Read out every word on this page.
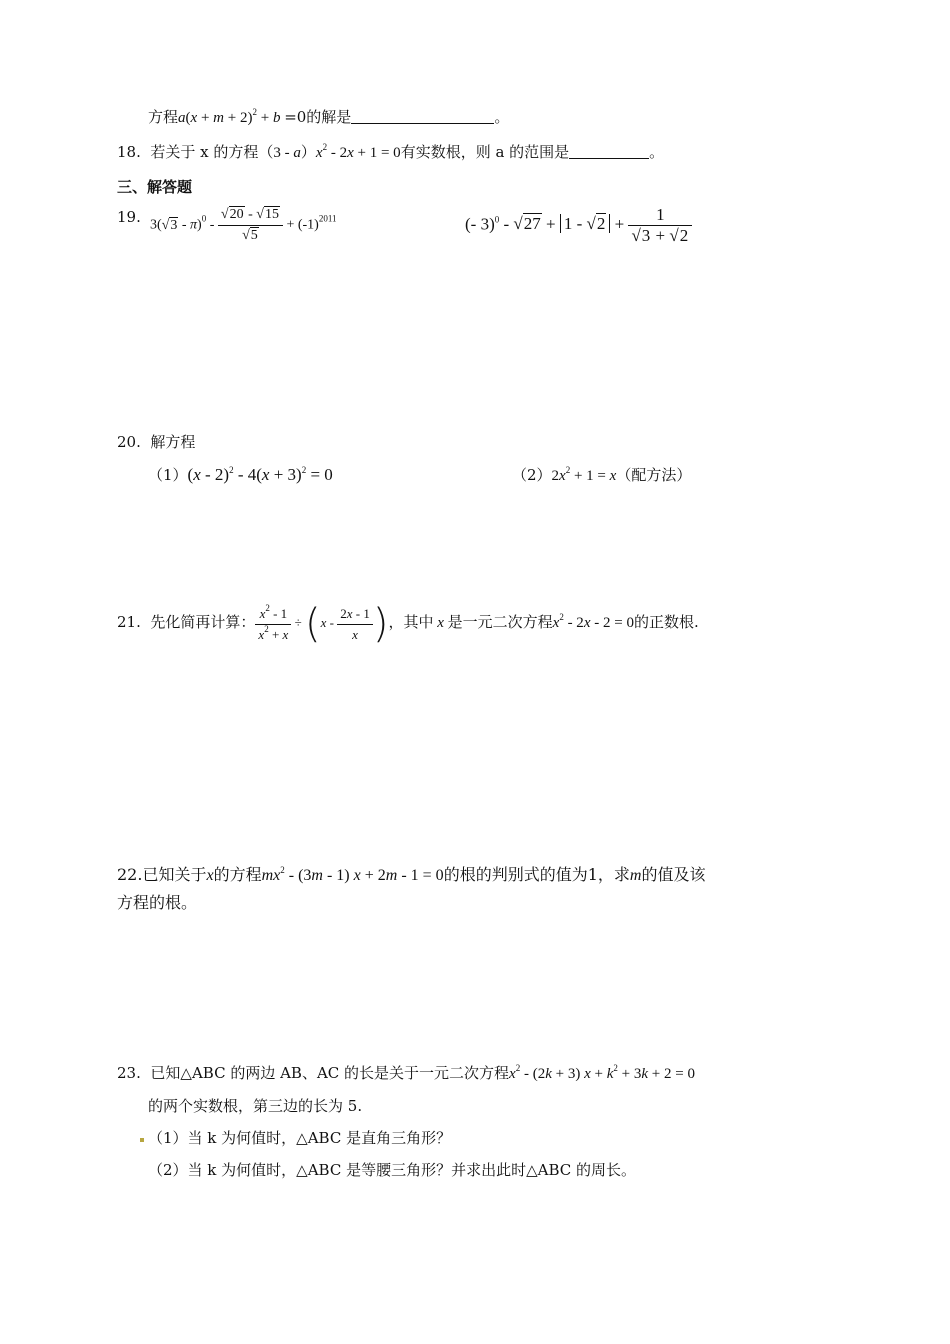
方程$a(x + m + 2)^2 + b =0$的解是	。
18. 若关于 x 的方程$(3 - a)x^2 - 2x + 1 = 0$有实数根，则 a 的范围是	。
三、解答题
19. $3(√3 - \pi)^0 - \frac{√20 - √15}{√5} + (-1)^{2011}$	(- $3)^0 - √27 + 1 - √2 + \frac{1}{√3 + √2}$
20. 解方程
$(1)(x - 2)^2 - 4(x + 3)^2 = 0$	$(2)2x^2 + 1 = x$（配方法）
21. 先化简再计算： $\frac{x^2 - 1}{x^2 + x} \div (x - \frac{2x - 1}{x}$ )，其中 x 是一元二次方程$x^2 - 2x - 2 = 0$的正数根.
22.已知关于x的方程$mx^2 - (3m - 1) x + 2m - 1 = 0$的根的判别式的值为1，求m的值及该
方程的根。
23. 已知△ABC 的两边 AB、AC 的长是关于一元二次方程$x^2 - (2k + 3) x + k^2 + 3k + 2 = 0$
的两个实数根，第三边的长为 5.
（1）当 k 为何值时，△ABC 是直角三角形？
（2）当 k 为何值时，△ABC 是等腰三角形？并求出此时△ABC 的周长。
